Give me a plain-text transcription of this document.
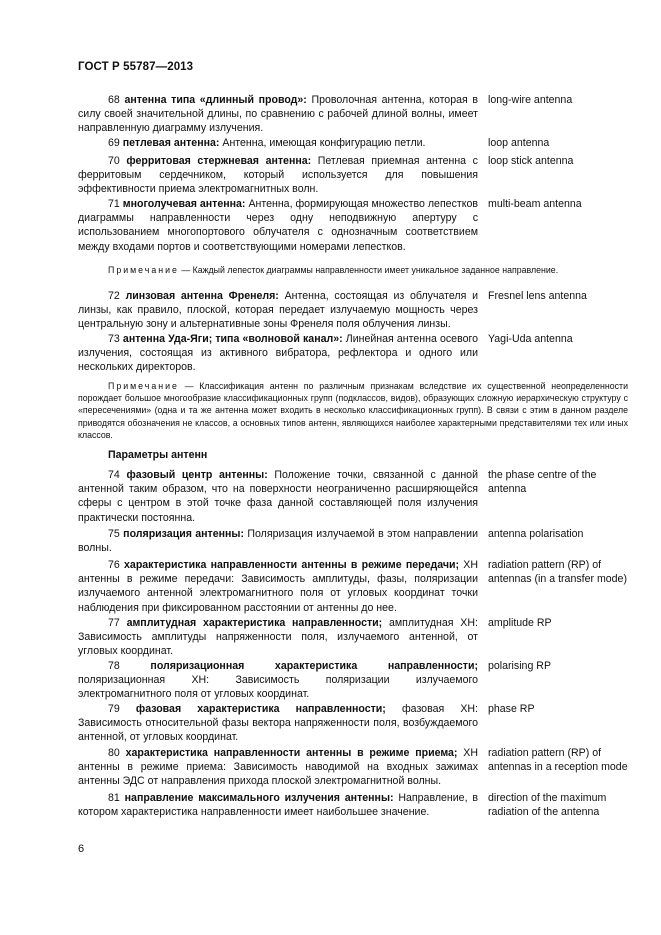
ГОСТ Р 55787—2013
68 антенна типа «длинный провод»: Проволочная антенна, которая в силу своей значительной длины, по сравнению с рабочей длиной волны, имеет направленную диаграмму излучения.
long-wire antenna
69 петлевая антенна: Антенна, имеющая конфигурацию петли.	loop antenna
70 ферритовая стержневая антенна: Петлевая приемная антенна с ферритовым сердечником, который используется для повышения эффективности приема электромагнитных волн.
loop stick antenna
71 многолучевая антенна: Антенна, формирующая множество лепестков диаграммы направленности через одну неподвижную апертуру с использованием многопортового облучателя с однозначным соответствием между входами портов и соответствующими номерами лепестков.
multi-beam antenna
Примечание — Каждый лепесток диаграммы направленности имеет уникальное заданное направление.
72 линзовая антенна Френеля: Антенна, состоящая из облучателя и линзы, как правило, плоской, которая передает излучаемую мощность через центральную зону и альтернативные зоны Френеля поля облучения линзы.
Fresnel lens antenna
73 антенна Уда-Яги; типа «волновой канал»: Линейная антенна осевого излучения, состоящая из активного вибратора, рефлектора и одного или нескольких директоров.
Yagi-Uda antenna
Примечание — Классификация антенн по различным признакам вследствие их существенной неопределенности порождает большое многообразие классификационных групп (подклассов, видов), образующих сложную иерархическую структуру с «пересечениями» (одна и та же антенна может входить в несколько классификационных групп). В связи с этим в данном разделе приводятся обозначения не классов, а основных типов антенн, являющихся наиболее характерными представителями тех или иных классов.
Параметры антенн
74 фазовый центр антенны: Положение точки, связанной с данной антенной таким образом, что на поверхности неограниченно расширяющейся сферы с центром в этой точке фаза данной составляющей поля излучения практически постоянна.
the phase centre of the antenna
75 поляризация антенны: Поляризация излучаемой в этом направлении волны.
antenna polarisation
76 характеристика направленности антенны в режиме передачи; ХН антенны в режиме передачи: Зависимость амплитуды, фазы, поляризации излучаемого антенной электромагнитного поля от угловых координат точки наблюдения при фиксированном расстоянии от антенны до нее.
radiation pattern (RP) of antennas (in a transfer mode)
77 амплитудная характеристика направленности; амплитудная ХН: Зависимость амплитуды напряженности поля, излучаемого антенной, от угловых координат.
amplitude RP
78	поляризационная характеристика направленности; поляризационная ХН: Зависимость поляризации излучаемого электромагнитного поля от угловых координат.
polarising RP
79 фазовая характеристика направленности; фазовая ХН: Зависимость относительной фазы вектора напряженности поля, возбуждаемого антенной, от угловых координат.
phase RP
80 характеристика направленности антенны в режиме приема; ХН антенны в режиме приема: Зависимость наводимой на входных зажимах антенны ЭДС от направления прихода плоской электромагнитной волны.
radiation pattern (RP) of antennas in a reception mode
81 направление максимального излучения антенны: Направление, в котором характеристика направленности имеет наибольшее значение.
direction of the maximum radiation of the antenna
6
